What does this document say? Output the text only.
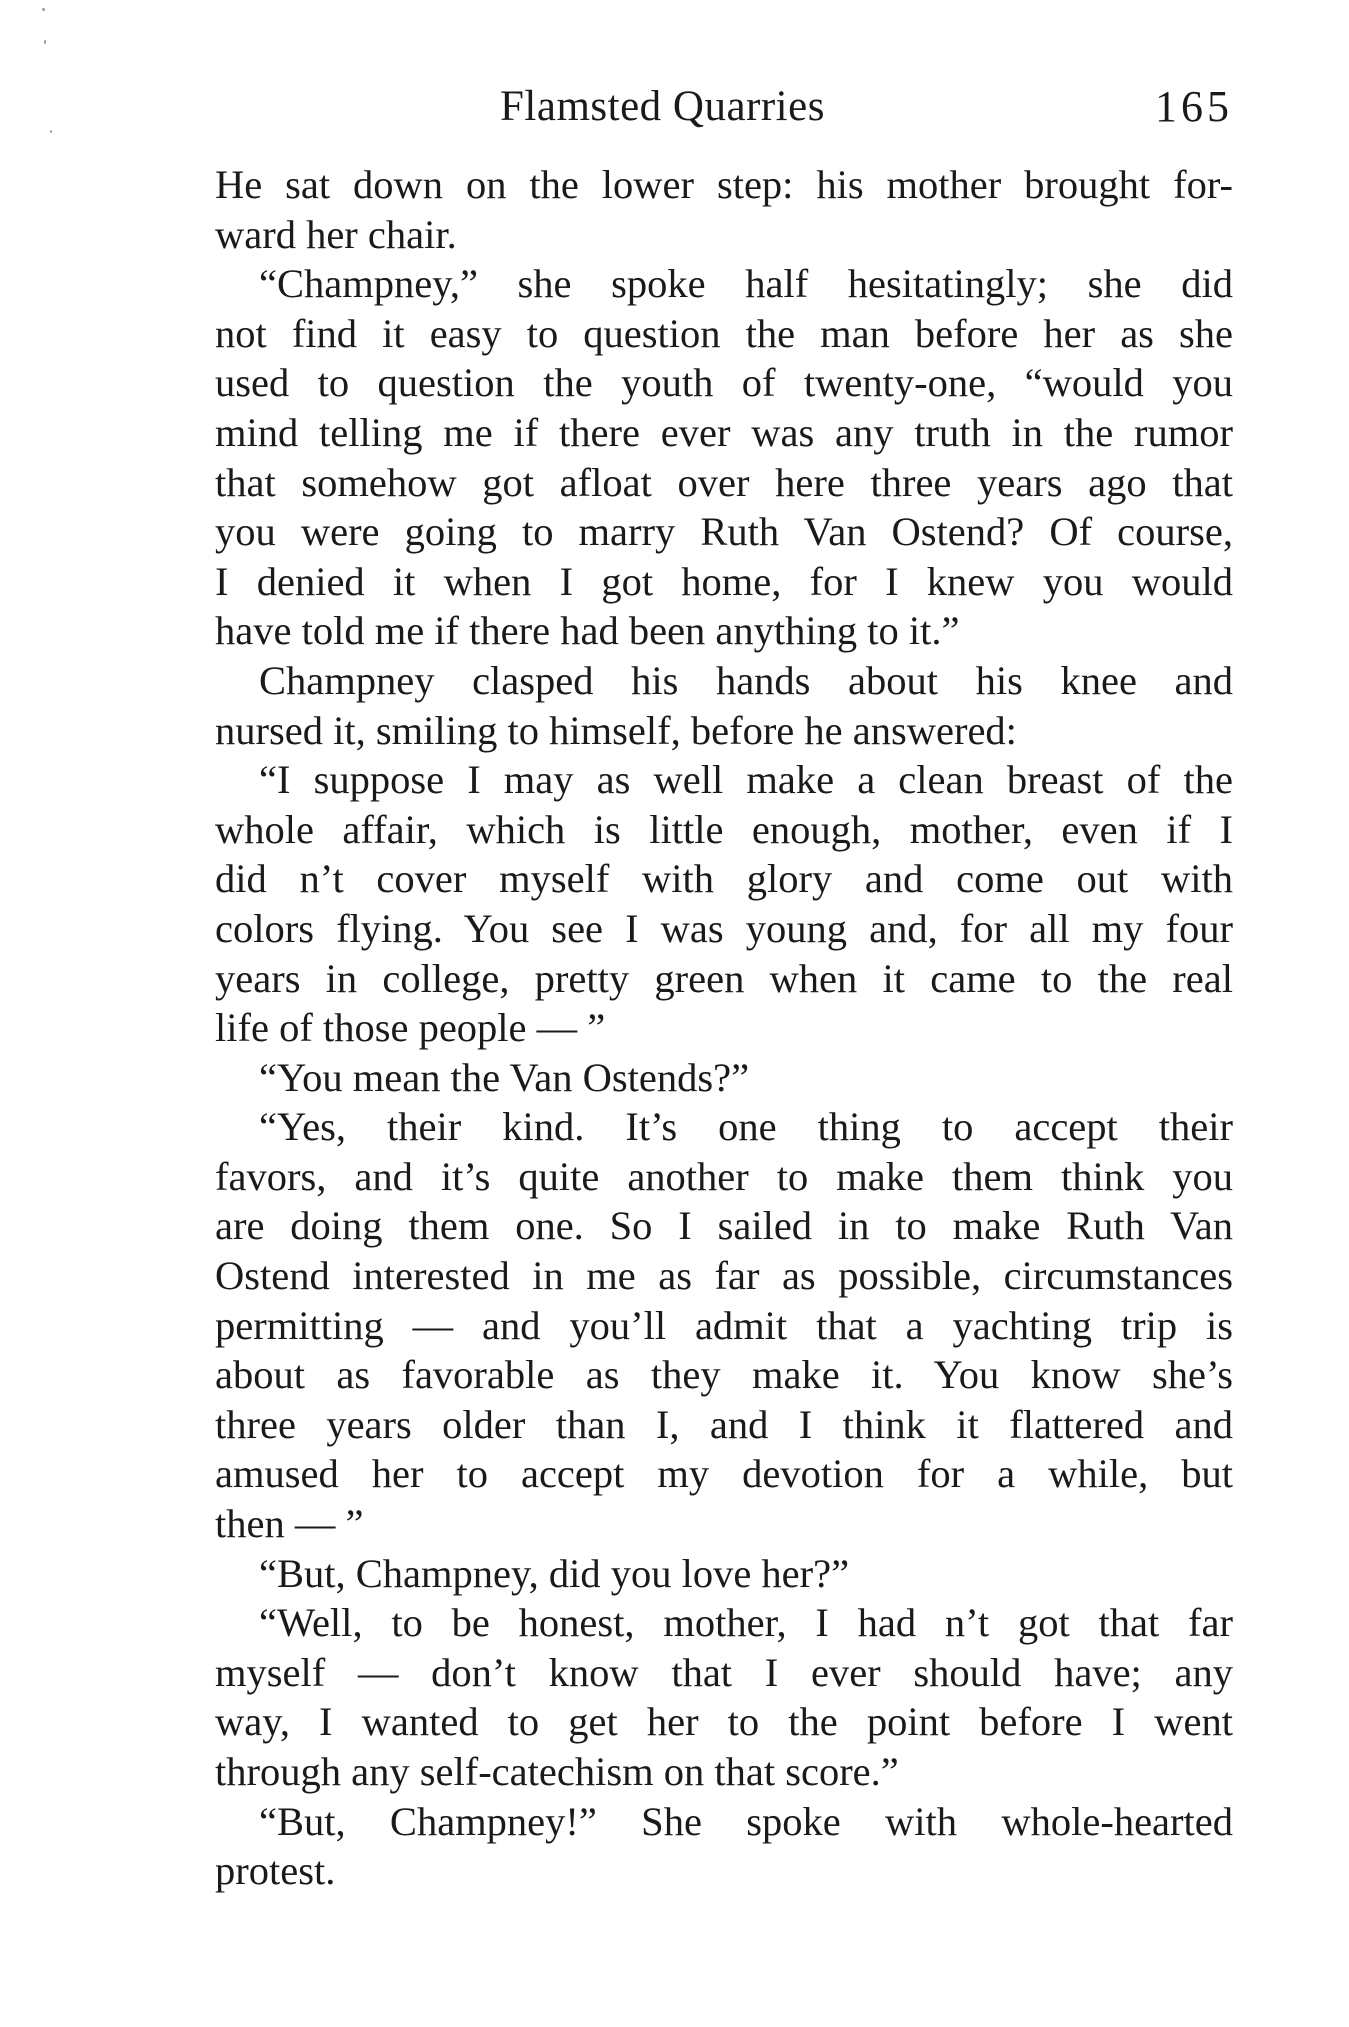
Flamsted Quarries	165
He sat down on the lower step: his mother brought for-
ward her chair.
“Champney,” she spoke half hesitatingly; she did
not find it easy to question the man before her as she
used to question the youth of twenty-one, “would you
mind telling me if there ever was any truth in the rumor
that somehow got afloat over here three years ago that
you were going to marry Ruth Van Ostend? Of course,
I denied it when I got home, for I knew you would
have told me if there had been anything to it.”
Champney clasped his hands about his knee and
nursed it, smiling to himself, before he answered:
“I suppose I may as well make a clean breast of the
whole affair, which is little enough, mother, even if I
did n’t cover myself with glory and come out with
colors flying. You see I was young and, for all my four
years in college, pretty green when it came to the real
life of those people — ”
“You mean the Van Ostends?”
“Yes, their kind. It’s one thing to accept their
favors, and it’s quite another to make them think you
are doing them one. So I sailed in to make Ruth Van
Ostend interested in me as far as possible, circumstances
permitting — and you’ll admit that a yachting trip is
about as favorable as they make it. You know she’s
three years older than I, and I think it flattered and
amused her to accept my devotion for a while, but
then — ”
“But, Champney, did you love her?”
“Well, to be honest, mother, I had n’t got that far
myself — don’t know that I ever should have; any
way, I wanted to get her to the point before I went
through any self-catechism on that score.”
“But, Champney!” She spoke with whole-hearted
protest.
